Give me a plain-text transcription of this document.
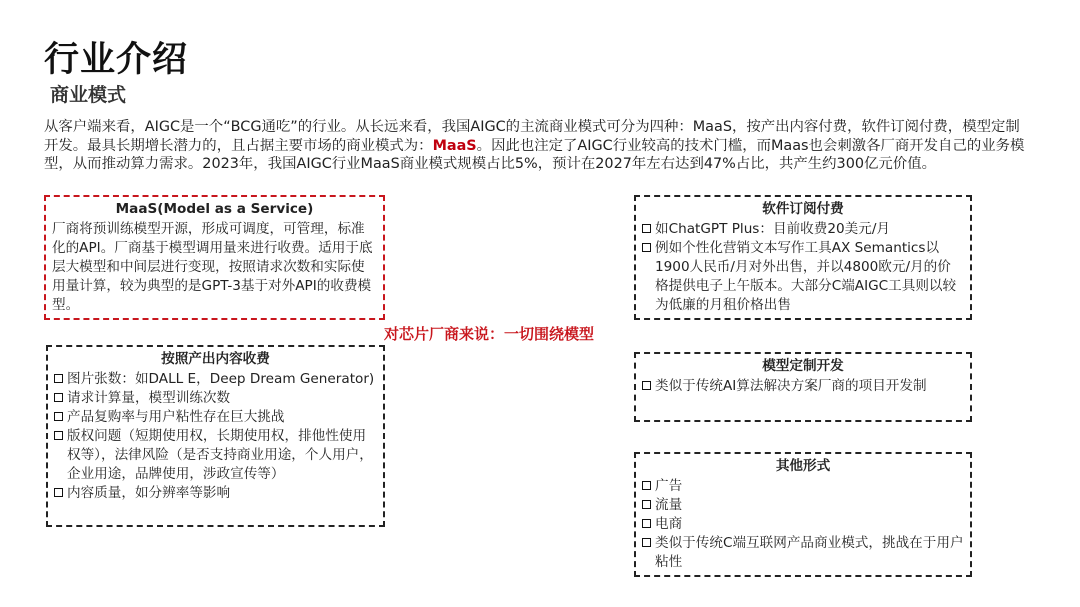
行业介绍
商业模式
从客户端来看，AIGC是一个“BCG通吃”的行业。从长远来看，我国AIGC的主流商业模式可分为四种：MaaS，按产出内容付费，软件订阅付费，模型定制开发。最具长期增长潜力的，且占据主要市场的商业模式为：MaaS。因此也注定了AIGC行业较高的技术门槛，而Maas也会刺激各厂商开发自己的业务模型，从而推动算力需求。2023年，我国AIGC行业MaaS商业模式规模占比5%，预计在2027年左右达到47%占比，共产生约300亿元价值。
MaaS(Model as a Service)
厂商将预训练模型开源，形成可调度，可管理，标准化的API。厂商基于模型调用量来进行收费。适用于底层大模型和中间层进行变现，按照请求次数和实际使用量计算，较为典型的是GPT-3基于对外API的收费模型。
对芯片厂商来说：一切围绕模型
按照产出内容收费
图片张数：如DALL E，Deep Dream Generator)
请求计算量，模型训练次数
产品复购率与用户粘性存在巨大挑战
版权问题（短期使用权，长期使用权，排他性使用权等），法律风险（是否支持商业用途，个人用户，企业用途，品牌使用，涉政宣传等）
内容质量，如分辨率等影响
软件订阅付费
如ChatGPT Plus：目前收费20美元/月
例如个性化营销文本写作工具AX Semantics以1900人民币/月对外出售，并以4800欧元/月的价格提供电子上午版本。大部分C端AIGC工具则以较为低廉的月租价格出售
模型定制开发
类似于传统AI算法解决方案厂商的项目开发制
其他形式
广告
流量
电商
类似于传统C端互联网产品商业模式，挑战在于用户粘性
